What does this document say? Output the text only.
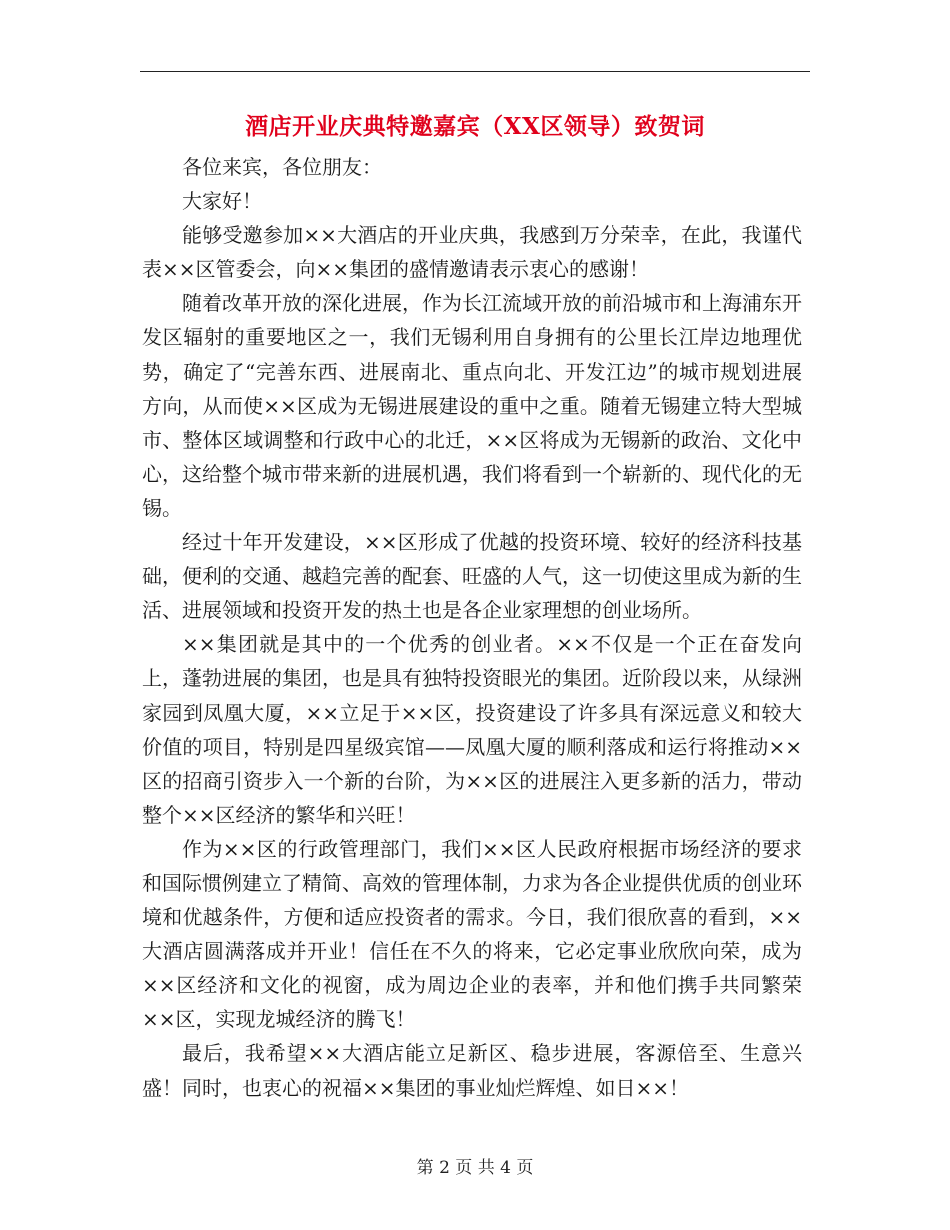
酒店开业庆典特邀嘉宾（XX区领导）致贺词

各位来宾，各位朋友：

大家好！

能够受邀参加××大酒店的开业庆典，我感到万分荣幸，在此，我谨代表××区管委会，向××集团的盛情邀请表示衷心的感谢！

随着改革开放的深化进展，作为长江流域开放的前沿城市和上海浦东开发区辐射的重要地区之一，我们无锡利用自身拥有的公里长江岸边地理优势，确定了“完善东西、进展南北、重点向北、开发江边”的城市规划进展方向，从而使××区成为无锡进展建设的重中之重。随着无锡建立特大型城市、整体区域调整和行政中心的北迁，××区将成为无锡新的政治、文化中心，这给整个城市带来新的进展机遇，我们将看到一个崭新的、现代化的无锡。

经过十年开发建设，××区形成了优越的投资环境、较好的经济科技基础，便利的交通、越趋完善的配套、旺盛的人气，这一切使这里成为新的生活、进展领域和投资开发的热土也是各企业家理想的创业场所。

××集团就是其中的一个优秀的创业者。××不仅是一个正在奋发向上，蓬勃进展的集团，也是具有独特投资眼光的集团。近阶段以来，从绿洲家园到凤凰大厦，××立足于××区，投资建设了许多具有深远意义和较大价值的项目，特别是四星级宾馆——凤凰大厦的顺利落成和运行将推动××区的招商引资步入一个新的台阶，为××区的进展注入更多新的活力，带动整个××区经济的繁华和兴旺！

作为××区的行政管理部门，我们××区人民政府根据市场经济的要求和国际惯例建立了精简、高效的管理体制，力求为各企业提供优质的创业环境和优越条件，方便和适应投资者的需求。今日，我们很欣喜的看到，××大酒店圆满落成并开业！信任在不久的将来，它必定事业欣欣向荣，成为××区经济和文化的视窗，成为周边企业的表率，并和他们携手共同繁荣××区，实现龙城经济的腾飞！

最后，我希望××大酒店能立足新区、稳步进展，客源倍至、生意兴盛！同时，也衷心的祝福××集团的事业灿烂辉煌、如日××！

第 2 页 共 4 页
